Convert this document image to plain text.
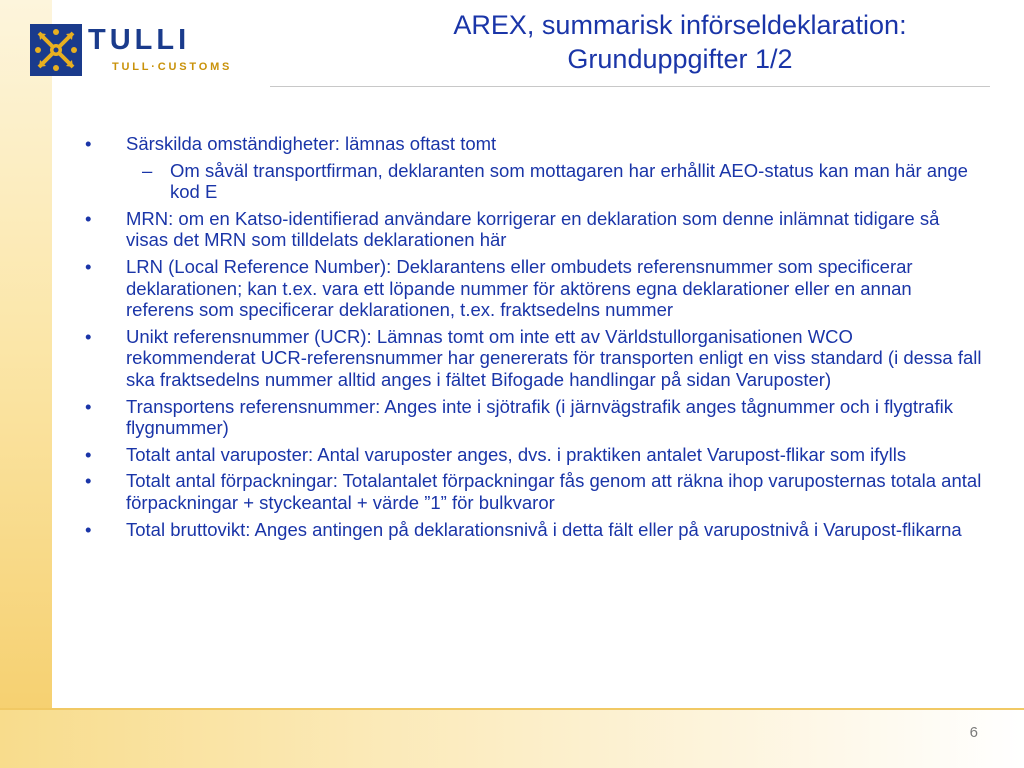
TULLI
TULL·CUSTOMS
AREX, summarisk införseldeklaration:
Grunduppgifter 1/2
• Särskilda omständigheter: lämnas oftast tomt
– Om såväl transportfirman, deklaranten som mottagaren har erhållit AEO-status kan man här ange kod E
• MRN: om en Katso-identifierad användare korrigerar en deklaration som denne inlämnat tidigare så visas det MRN som tilldelats deklarationen här
• LRN (Local Reference Number): Deklarantens eller ombudets referensnummer som specificerar deklarationen; kan t.ex. vara ett löpande nummer för aktörens egna deklarationer eller en annan referens som specificerar deklarationen, t.ex. fraktsedelns nummer
• Unikt referensnummer (UCR): Lämnas tomt om inte ett av Världstullorganisationen WCO rekommenderat UCR-referensnummer har genererats för transporten enligt en viss standard (i dessa fall ska fraktsedelns nummer alltid anges i fältet Bifogade handlingar på sidan Varuposter)
• Transportens referensnummer: Anges inte i sjötrafik (i järnvägstrafik anges tågnummer och i flygtrafik flygnummer)
• Totalt antal varuposter: Antal varuposter anges, dvs. i praktiken antalet Varupost-flikar som ifylls
• Totalt antal förpackningar: Totalantalet förpackningar fås genom att räkna ihop varuposternas totala antal förpackningar + styckeantal + värde ”1” för bulkvaror
• Total bruttovikt: Anges antingen på deklarationsnivå i detta fält eller på varupostnivå i Varupost-flikarna
6
